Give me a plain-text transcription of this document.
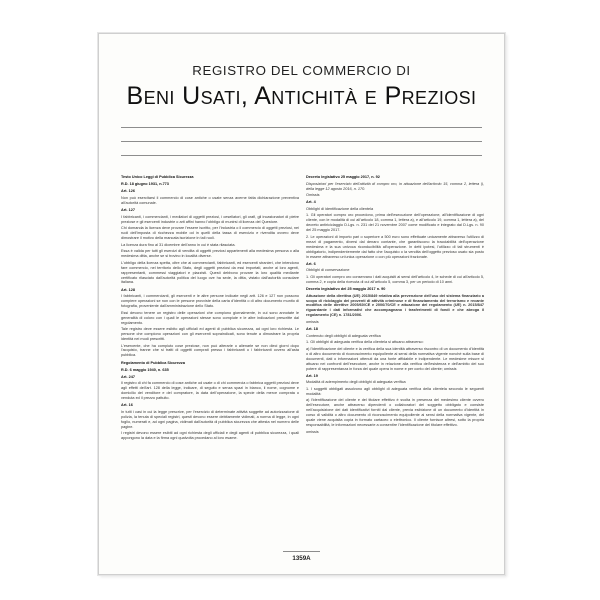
REGISTRO DEL COMMERCIO DI
Beni Usati, Antichità e Preziosi

Testo Unico Leggi di Pubblica Sicurezza

R.D. 18 giugno 1931, n.773

Art. 126

Non può esercitarsi il commercio di cose antiche o usate senza averne fatta dichiarazione preventiva all'autorità comunale.

Art. 127

I fabbricanti, i commercianti, i mediatori di oggetti preziosi, i cesellatori, gli orafi, gli incastonatori di pietre preziose e gli esercenti industrie o arti affini hanno l'obbligo di munirsi di licenza del Questore.

Chi domanda la licenza deve provare l'essere iscritto, per l'industria o il commercio di oggetti preziosi, nei ruoli dell'imposta di ricchezza mobile od in quelli della tassa di esercizio e rivendita ovvero deve dimostrare il motivo della mancata iscrizione in tali ruoli.

La licenza dura fino al 31 dicembre dell'anno in cui è stata rilasciata.

Essa è valida per tutti gli esercizi di vendita di oggetti preziosi appartenenti alla medesima persona o alla medesima ditta, anche se si trovino in località diverse.

L'obbligo della licenza spetta, oltre che ai commercianti, fabbricanti, ed esercenti stranieri, che intendono fare commercio, nel territorio dello Stato, degli oggetti preziosi da essi importati, anche al loro agenti, rappresentanti, commessi viaggiatori e piazzisti. Questi debbono provare la loro qualità mediante certificato rilasciato dall'autorità politica del luogo ove ha sede, la ditta, vistato dall'autorità consolare italiana.

Art. 128

I fabbricanti, i commercianti, gli esercenti e le altre persone indicate negli artt. 126 e 127 non possono compiere operazioni se non con le persone provviste della carta d'identità o di altro documento munito di fotografia, proveniente dall'amministrazione dello Stato.

Essi devono tenere un registro delle operazioni che compiono giornalmente, in cui sono annotate le generalità di coloro con i quali le operazioni stesse sono compiute e le altre indicazioni prescritte dal regolamento.

Tale registro deve essere esibito agli ufficiali ed agenti di pubblica sicurezza, ad ogni loro richiesta. Le persone che compiono operazioni con gli esercenti sopraindicati, sono tenute a dimostrare la propria identità nei modi prescritti.

L'esercente, che ha compiuto cose preziose, non può alterarle o alienarle se non dieci giorni dopo l'acquisto, tranne che si tratti di oggetti comprati presso i fabbricanti o i fabbricanti ovvero all'asta pubblica.

Regolamento di Pubblica Sicurezza

R.D. 6 maggio 1940, n. 635

Art. 247

Il registro di chi fa commercio di cose antiche od usate o di chi commercia o fabbrica oggetti preziosi deve agli effetti dell'art. 128 della legge, indicare, di seguito e senza spazi in bianco, il nome, cognome e domicilio del venditore e del compratore, la data dell'operazione, la specie della merce comprata o venduta ed il prezzo pattuito.

Art. 16

In tutti i casi in cui la legge prescrive, per l'esercizio di determinate attività soggette ad autorizzazione di polizia, la tenuta di speciali registri, questi devono essere debitamente vidimati, a norma di legge, in ogni foglio, numerati e, ad ogni pagina, vidimati dall'autorità di pubblica sicurezza che attesta nel numero delle pagine.

I registri devono essere esibiti ad ogni richiesta degli ufficiali e degli agenti di pubblica sicurezza, i quali appongono la data e la firma ogni qualvolta procedano al loro esame.

Decreto legislativo 25 maggio 2017, n. 92

Disposizioni per l'esercizio dell'attività di compro oro, in attuazione dell'articolo 15, comma 2, lettera l), della legge 12 agosto 2016, n. 170.

Omissis

Art. 4

Obblighi di identificazione della clientela

1. Gli operatori compro oro procedono, prima dell'esecuzione dell'operazione, all'identificazione di ogni cliente, con le modalità di cui all'articolo 18, comma 1, lettera a), e all'articolo 19, comma 1, lettera a), del decreto antiriciclaggio D.Lgs. n. 231 del 21 novembre 2007 come modificato e integrato dal D.Lgs. n. 90 del 25 maggio 2017.

2. Le operazioni di importo pari o superiore a 500 euro sono effettuate unicamente attraverso l'utilizzo di mezzi di pagamento, diversi dal denaro contante, che garantiscono la tracciabilità dell'operazione medesima e la sua univoca riconducibilità all'operazione. In detti ipotesi, l'utilizzo di tali strumenti è obbligatorio, indipendentemente dal fatto che l'acquisto o la vendita dell'oggetto prezioso usato sia posto in essere attraverso un'unica operazione o con più operazioni frazionate.

Art. 6

Obblighi di conservazione

1. Gli operatori compro oro conservano i dati acquisiti ai sensi dell'articolo 4, le schede di cui all'articolo 5, comma 2, e copia della ricevuta di cui all'articolo 5, comma 3, per un periodo di 10 anni.

Decreto legislativo del 25 maggio 2017 n. 90

Attuazione della direttiva (UE) 2015/849 relativa alla prevenzione dell'uso del sistema finanziario a scopo di riciclaggio dei proventi di attività criminose e di finanziamento del terrorismo e recante modifica delle direttive 2005/60/CE e 2006/70/CE e attuazione del regolamento (UE) n. 2015/847 riguardante i dati informativi che accompagnano i trasferimenti di fondi e che abroga il regolamento (CE) n. 1781/2006.

omissis

Art. 18

Contenuto degli obblighi di adeguata verifica

1. Gli obblighi di adeguata verifica della clientela si attuano attraverso:

a) l'identificazione del cliente e la verifica della sua identità attraverso riscontro di un documento d'identità o di altro documento di riconoscimento equipollente ai sensi della normativa vigente nonché sulla base di documenti, dati o informazioni ottenuti da una fonte affidabile e indipendente. Le medesime misure si attuano nei confronti dell'esecutore, anche in relazione alla verifica dell'esistenza e dell'ambito del suo potere di rappresentanza in forza del quale opera in nome e per conto del cliente; omissis

Art. 19

Modalità di adempimento degli obblighi di adeguata verifica

1. I soggetti obbligati assolvono agli obblighi di adeguata verifica della clientela secondo le seguenti modalità:

a) l'identificazione del cliente e del titolare effettivo è svolta in presenza del medesimo cliente ovvero dell'esecutore, anche attraverso dipendenti o collaboratori del soggetto obbligato e consiste nell'acquisizione dei dati identificativi forniti dal cliente, previa esibizione di un documento d'identità in corso di validità o altro documento di riconoscimento equipollente ai sensi della normativa vigente, del quale viene acquisita copia in formato cartaceo o elettronico. Il cliente fornisce altresì, sotto la propria responsabilità, le informazioni necessarie a consentire l'identificazione del titolare effettivo.

omissis

1359A
